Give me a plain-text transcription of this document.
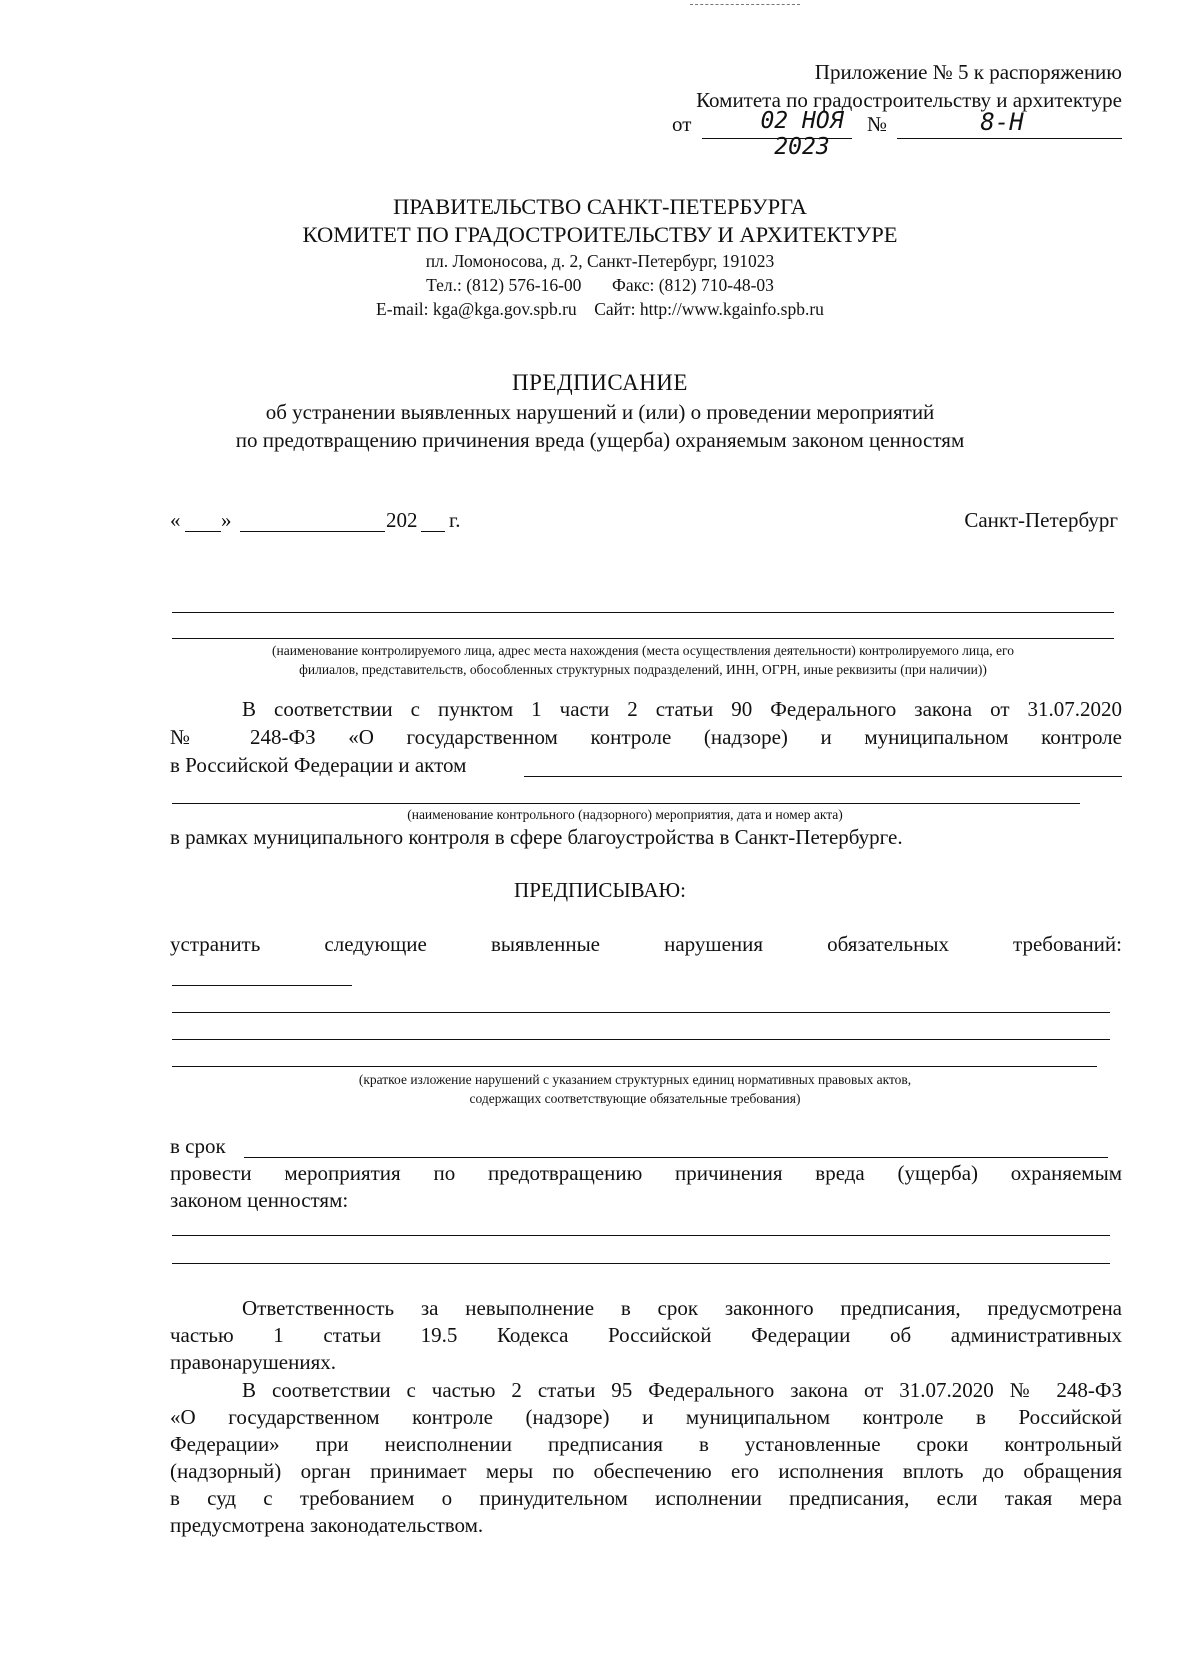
Приложение № 5 к распоряжению
Комитета по градостроительству и архитектуре
от	02 НОЯ 2023
№	8-Н
ПРАВИТЕЛЬСТВО САНКТ-ПЕТЕРБУРГА
КОМИТЕТ ПО ГРАДОСТРОИТЕЛЬСТВУ И АРХИТЕКТУРЕ
пл. Ломоносова, д. 2, Санкт-Петербург, 191023
Тел.: (812) 576-16-00 Факс: (812) 710-48-03
E-mail: kga@kga.gov.spb.ru Сайт: http://www.kgainfo.spb.ru
ПРЕДПИСАНИЕ
об устранении выявленных нарушений и (или) о проведении мероприятий
по предотвращению причинения вреда (ущерба) охраняемым законом ценностям
« »	202 г.	Санкт-Петербург
(наименование контролируемого лица, адрес места нахождения (места осуществления деятельности) контролируемого лица, его
филиалов, представительств, обособленных структурных подразделений, ИНН, ОГРН, иные реквизиты (при наличии))
В соответствии с пунктом 1 части 2 статьи 90 Федерального закона от 31.07.2020
№ 248-ФЗ «О государственном контроле (надзоре) и муниципальном контроле
в Российской Федерации и актом
(наименование контрольного (надзорного) мероприятия, дата и номер акта)
в рамках муниципального контроля в сфере благоустройства в Санкт-Петербурге.
ПРЕДПИСЫВАЮ:
устранить следующие выявленные нарушения обязательных требований:
(краткое изложение нарушений с указанием структурных единиц нормативных правовых актов,
содержащих соответствующие обязательные требования)
в срок
провести мероприятия по предотвращению причинения вреда (ущерба) охраняемым
законом ценностям:
Ответственность за невыполнение в срок законного предписания, предусмотрена
частью 1 статьи 19.5 Кодекса Российской Федерации об административных
правонарушениях.
В соответствии с частью 2 статьи 95 Федерального закона от 31.07.2020 № 248-ФЗ
«О государственном контроле (надзоре) и муниципальном контроле в Российской
Федерации» при неисполнении предписания в установленные сроки контрольный
(надзорный) орган принимает меры по обеспечению его исполнения вплоть до обращения
в суд с требованием о принудительном исполнении предписания, если такая мера
предусмотрена законодательством.
